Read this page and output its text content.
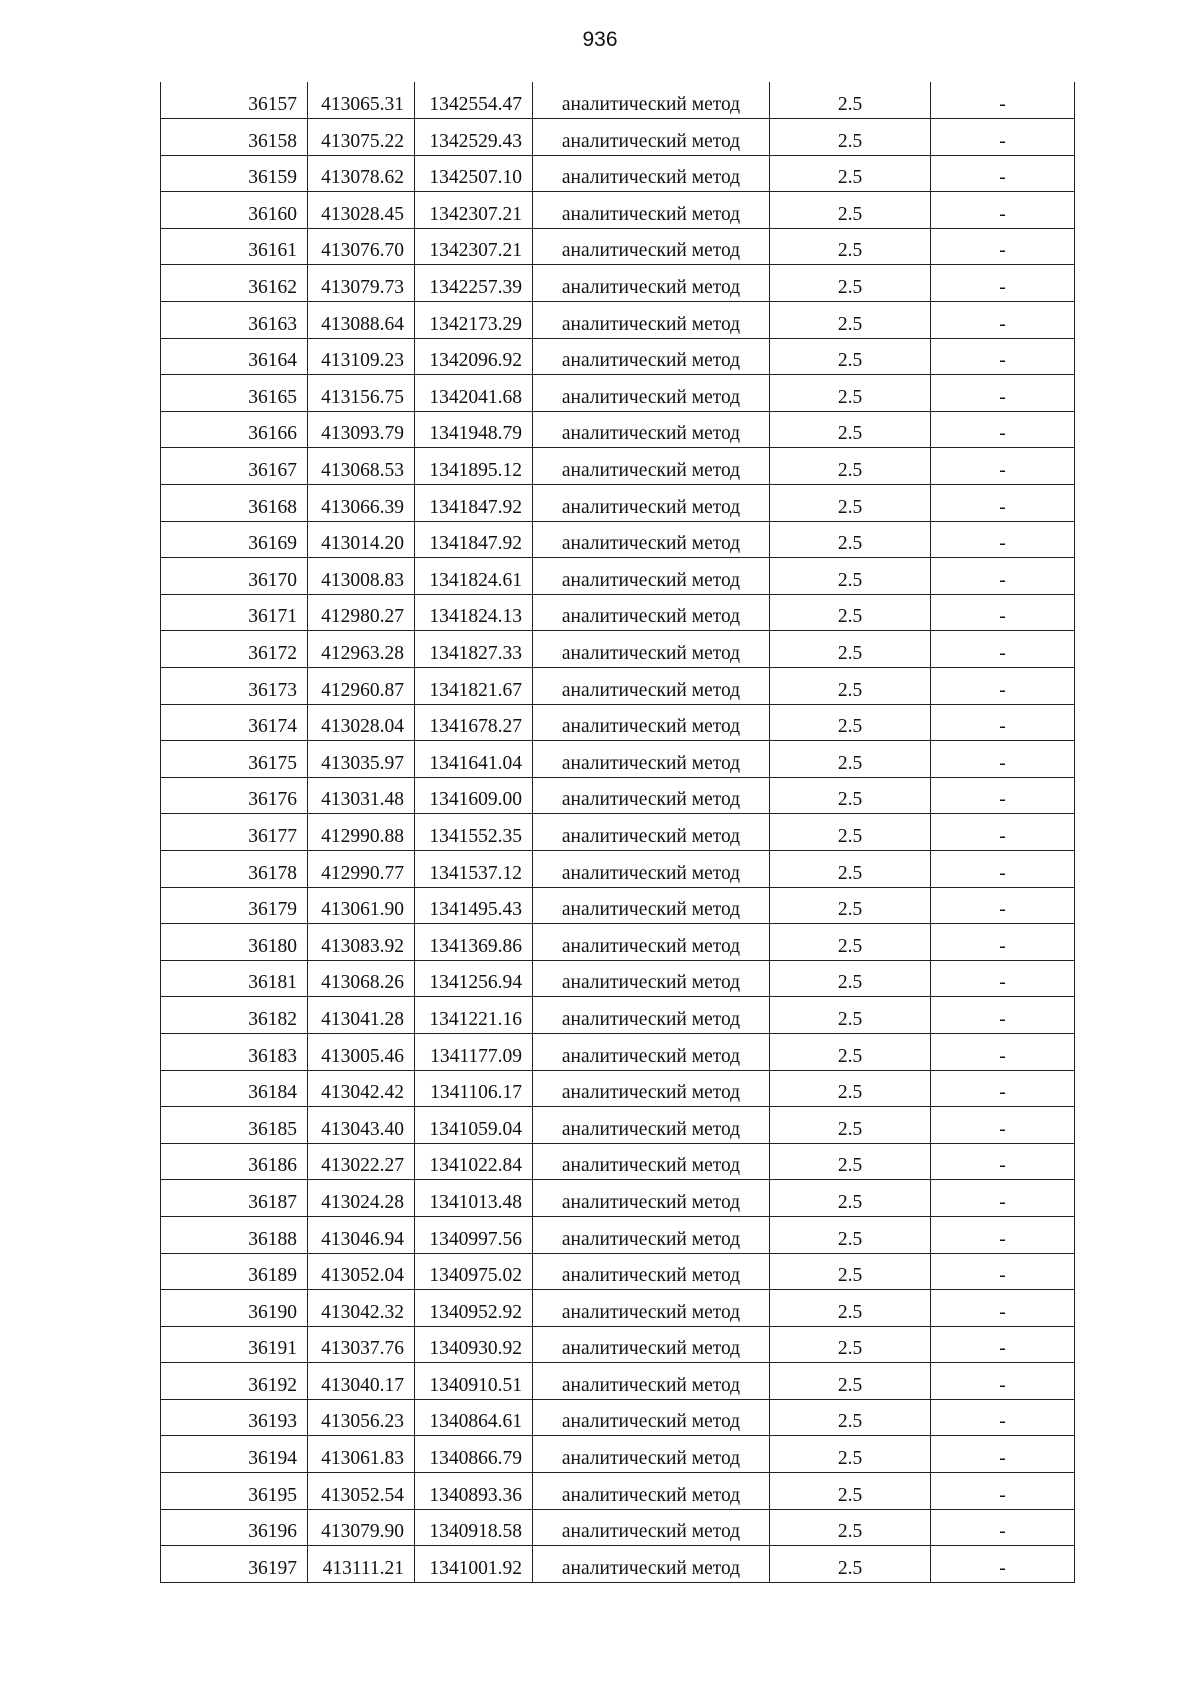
936
36157	413065.31	1342554.47	аналитический метод	2.5	-
36158	413075.22	1342529.43	аналитический метод	2.5	-
36159	413078.62	1342507.10	аналитический метод	2.5	-
36160	413028.45	1342307.21	аналитический метод	2.5	-
36161	413076.70	1342307.21	аналитический метод	2.5	-
36162	413079.73	1342257.39	аналитический метод	2.5	-
36163	413088.64	1342173.29	аналитический метод	2.5	-
36164	413109.23	1342096.92	аналитический метод	2.5	-
36165	413156.75	1342041.68	аналитический метод	2.5	-
36166	413093.79	1341948.79	аналитический метод	2.5	-
36167	413068.53	1341895.12	аналитический метод	2.5	-
36168	413066.39	1341847.92	аналитический метод	2.5	-
36169	413014.20	1341847.92	аналитический метод	2.5	-
36170	413008.83	1341824.61	аналитический метод	2.5	-
36171	412980.27	1341824.13	аналитический метод	2.5	-
36172	412963.28	1341827.33	аналитический метод	2.5	-
36173	412960.87	1341821.67	аналитический метод	2.5	-
36174	413028.04	1341678.27	аналитический метод	2.5	-
36175	413035.97	1341641.04	аналитический метод	2.5	-
36176	413031.48	1341609.00	аналитический метод	2.5	-
36177	412990.88	1341552.35	аналитический метод	2.5	-
36178	412990.77	1341537.12	аналитический метод	2.5	-
36179	413061.90	1341495.43	аналитический метод	2.5	-
36180	413083.92	1341369.86	аналитический метод	2.5	-
36181	413068.26	1341256.94	аналитический метод	2.5	-
36182	413041.28	1341221.16	аналитический метод	2.5	-
36183	413005.46	1341177.09	аналитический метод	2.5	-
36184	413042.42	1341106.17	аналитический метод	2.5	-
36185	413043.40	1341059.04	аналитический метод	2.5	-
36186	413022.27	1341022.84	аналитический метод	2.5	-
36187	413024.28	1341013.48	аналитический метод	2.5	-
36188	413046.94	1340997.56	аналитический метод	2.5	-
36189	413052.04	1340975.02	аналитический метод	2.5	-
36190	413042.32	1340952.92	аналитический метод	2.5	-
36191	413037.76	1340930.92	аналитический метод	2.5	-
36192	413040.17	1340910.51	аналитический метод	2.5	-
36193	413056.23	1340864.61	аналитический метод	2.5	-
36194	413061.83	1340866.79	аналитический метод	2.5	-
36195	413052.54	1340893.36	аналитический метод	2.5	-
36196	413079.90	1340918.58	аналитический метод	2.5	-
36197	413111.21	1341001.92	аналитический метод	2.5	-
